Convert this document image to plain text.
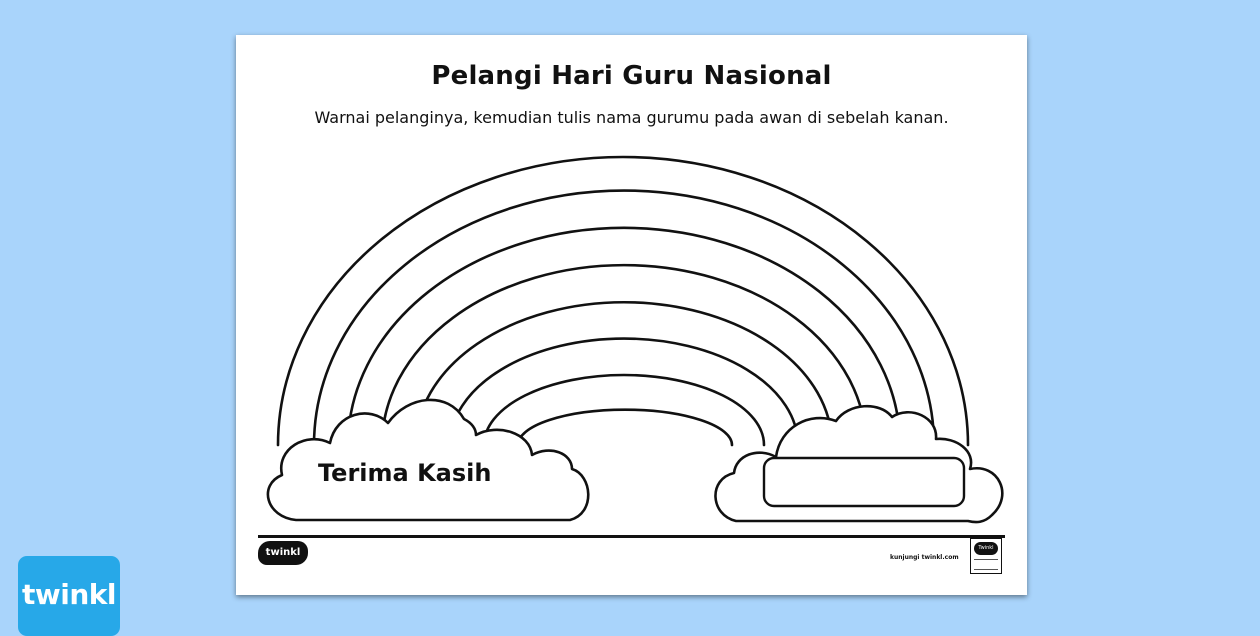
Pelangi Hari Guru Nasional
Warnai pelanginya, kemudian tulis nama gurumu pada awan di sebelah kanan.
Terima Kasih
twinkl	kunjungi twinkl.com
Twinkl
twinkl
